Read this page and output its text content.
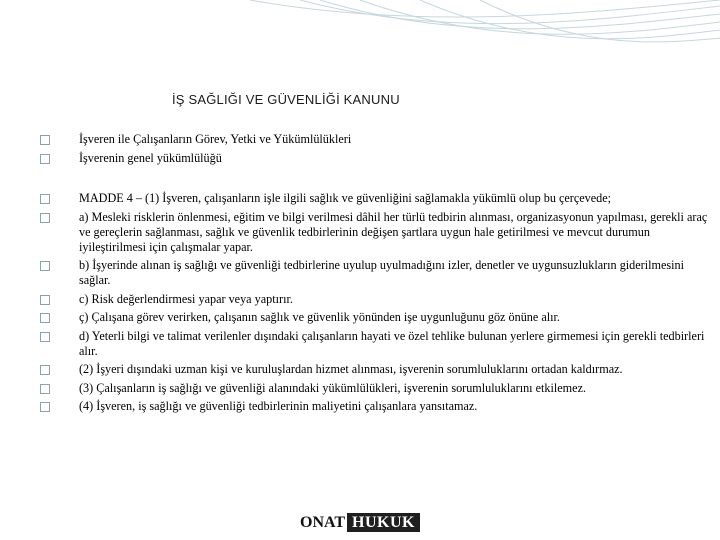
İŞ SAĞLIĞI VE GÜVENLİĞİ KANUNU
İşveren ile Çalışanların Görev, Yetki ve Yükümlülükleri
İşverenin genel yükümlülüğü
MADDE 4 – (1) İşveren, çalışanların işle ilgili sağlık ve güvenliğini sağlamakla yükümlü olup bu çerçevede;
a) Mesleki risklerin önlenmesi, eğitim ve bilgi verilmesi dâhil her türlü tedbirin alınması, organizasyonun yapılması, gerekli araç ve gereçlerin sağlanması, sağlık ve güvenlik tedbirlerinin değişen şartlara uygun hale getirilmesi ve mevcut durumun iyileştirilmesi için çalışmalar yapar.
b) İşyerinde alınan iş sağlığı ve güvenliği tedbirlerine uyulup uyulmadığını izler, denetler ve uygunsuzlukların giderilmesini sağlar.
c) Risk değerlendirmesi yapar veya yaptırır.
ç) Çalışana görev verirken, çalışanın sağlık ve güvenlik yönünden işe uygunluğunu göz önüne alır.
d) Yeterli bilgi ve talimat verilenler dışındaki çalışanların hayati ve özel tehlike bulunan yerlere girmemesi için gerekli tedbirleri alır.
(2) İşyeri dışındaki uzman kişi ve kuruluşlardan hizmet alınması, işverenin sorumluluklarını ortadan kaldırmaz.
(3) Çalışanların iş sağlığı ve güvenliği alanındaki yükümlülükleri, işverenin sorumluluklarını etkilemez.
(4) İşveren, iş sağlığı ve güvenliği tedbirlerinin maliyetini çalışanlara yansıtamaz.
ONAT HUKUK
